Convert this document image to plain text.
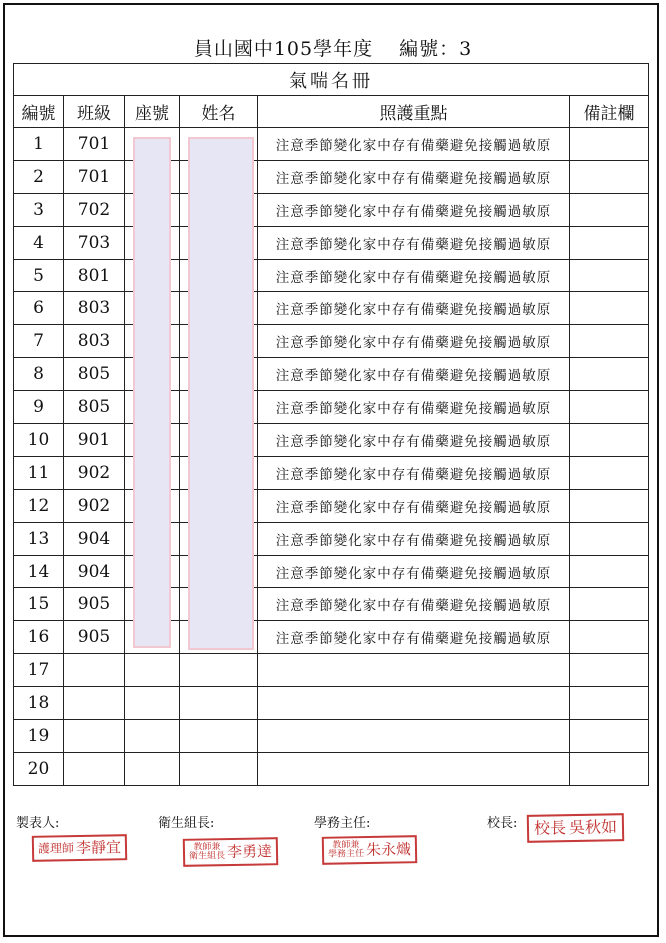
員山國中105學年度 編號：3
氣喘名冊					
編號	班級	座號	姓名	照護重點	備註欄
1	701			注意季節變化家中存有備藥避免接觸過敏原	
2	701			注意季節變化家中存有備藥避免接觸過敏原	
3	702			注意季節變化家中存有備藥避免接觸過敏原	
4	703			注意季節變化家中存有備藥避免接觸過敏原	
5	801			注意季節變化家中存有備藥避免接觸過敏原	
6	803			注意季節變化家中存有備藥避免接觸過敏原	
7	803			注意季節變化家中存有備藥避免接觸過敏原	
8	805			注意季節變化家中存有備藥避免接觸過敏原	
9	805			注意季節變化家中存有備藥避免接觸過敏原	
10	901			注意季節變化家中存有備藥避免接觸過敏原	
11	902			注意季節變化家中存有備藥避免接觸過敏原	
12	902			注意季節變化家中存有備藥避免接觸過敏原	
13	904			注意季節變化家中存有備藥避免接觸過敏原	
14	904			注意季節變化家中存有備藥避免接觸過敏原	
15	905			注意季節變化家中存有備藥避免接觸過敏原	
16	905			注意季節變化家中存有備藥避免接觸過敏原	
17					
18					
19					
20					
製表人:	衛生組長:	學務主任:	校長:
護理師 李靜宜	教師兼
衛生組長 李勇達	教師兼
學務主任 朱永熾
校長 吳秋如
